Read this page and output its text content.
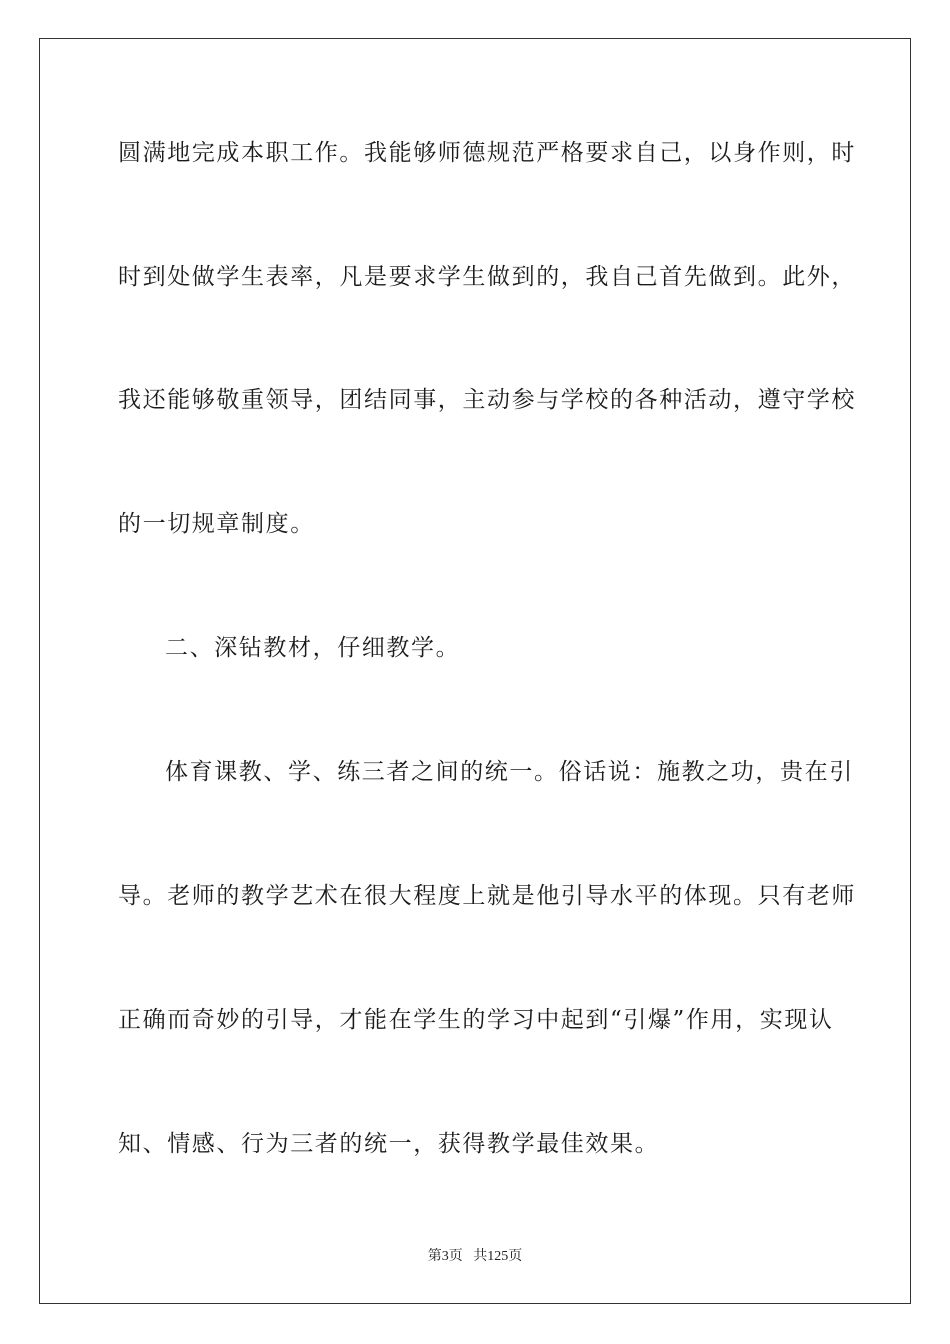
圆满地完成本职工作。我能够师德规范严格要求自己，以身作则，时
时到处做学生表率，凡是要求学生做到的，我自己首先做到。此外，
我还能够敬重领导，团结同事，主动参与学校的各种活动，遵守学校
的一切规章制度。
二、深钻教材，仔细教学。
体育课教、学、练三者之间的统一。俗话说：施教之功，贵在引
导。老师的教学艺术在很大程度上就是他引导水平的体现。只有老师
正确而奇妙的引导，才能在学生的学习中起到“引爆”作用，实现认
知、情感、行为三者的统一，获得教学最佳效果。
第3页 共125页
